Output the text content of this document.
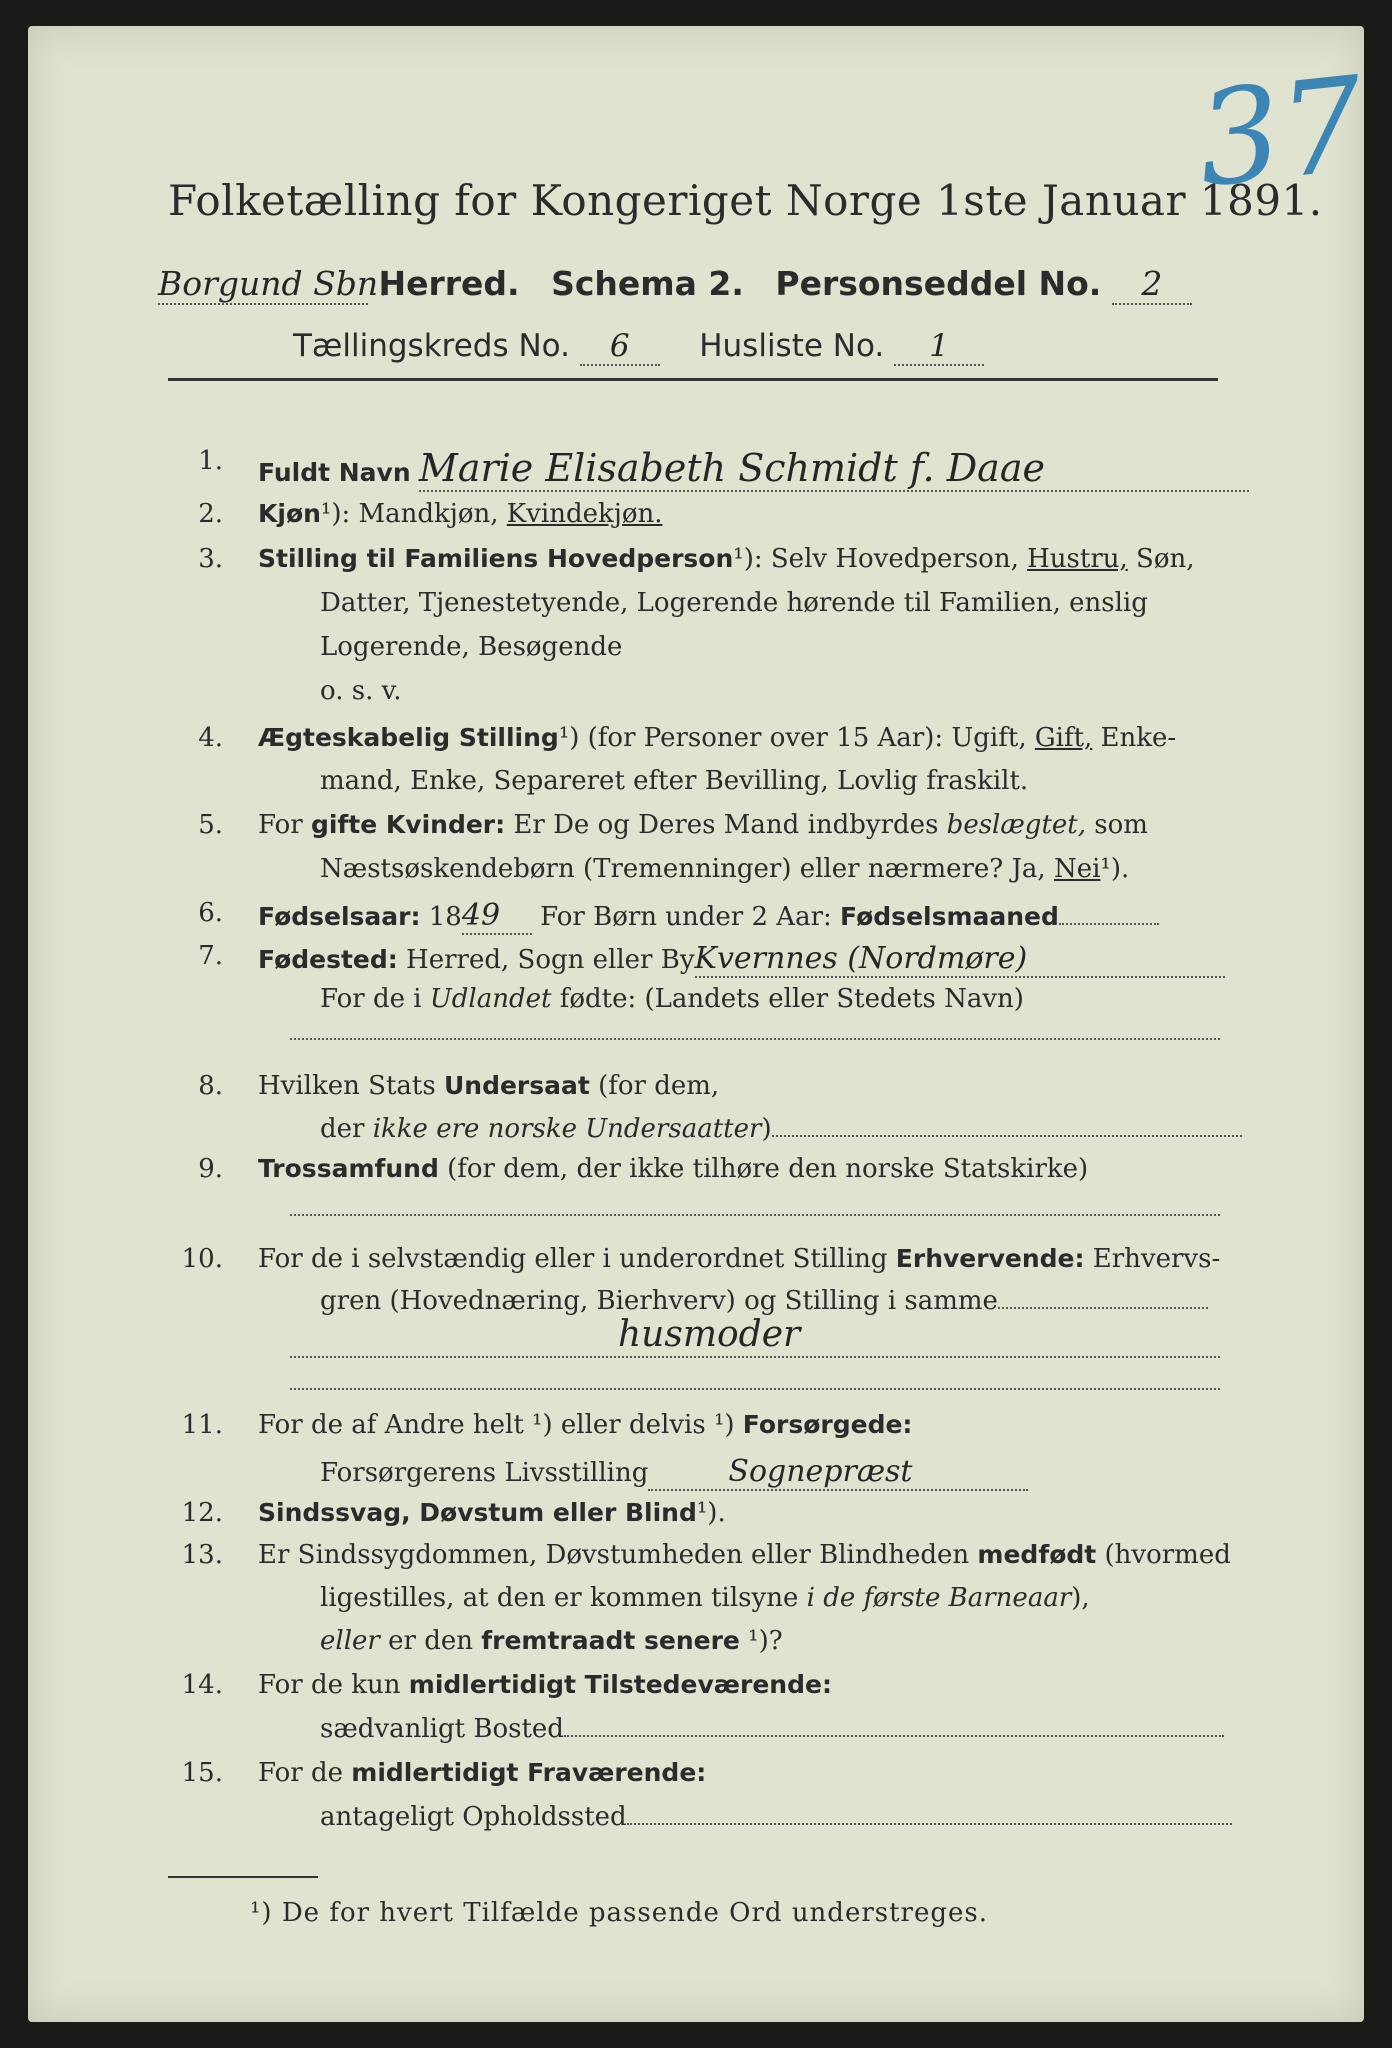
37
Folketælling for Kongeriget Norge 1ste Januar 1891.
Borgund Sbn. Herred. Schema 2. Personseddel No. 2
Tællingskreds No. 6 Husliste No. 1
1. Fuldt Navn Marie Elisabeth Schmidt f. Daae
2. Kjøn¹): Mandkjøn, Kvindekjøn.
3. Stilling til Familiens Hovedperson¹): Selv Hovedperson, Hustru, Søn,
Datter, Tjenestetyende, Logerende hørende til Familien, enslig
Logerende, Besøgende
o. s. v.
4. Ægteskabelig Stilling¹) (for Personer over 15 Aar): Ugift, Gift, Enke-
mand, Enke, Separeret efter Bevilling, Lovlig fraskilt.
5. For gifte Kvinder: Er De og Deres Mand indbyrdes beslægtet, som
Næstsøskendebørn (Tremenninger) eller nærmere? Ja, Nei¹).
6. Fødselsaar: 1849 For Børn under 2 Aar: Fødselsmaaned
7. Fødested: Herred, Sogn eller ByKvernnes (Nordmøre)
For de i Udlandet fødte: (Landets eller Stedets Navn)
8. Hvilken Stats Undersaat (for dem,
der ikke ere norske Undersaatter)
9. Trossamfund (for dem, der ikke tilhøre den norske Statskirke)
10. For de i selvstændig eller i underordnet Stilling Erhvervende: Erhvervs-
gren (Hovednæring, Bierhverv) og Stilling i samme
husmoder
11. For de af Andre helt ¹) eller delvis ¹) Forsørgede:
Forsørgerens Livsstilling	Sognepræst
12. Sindssvag, Døvstum eller Blind¹).
13. Er Sindssygdommen, Døvstumheden eller Blindheden medfødt (hvormed
ligestilles, at den er kommen tilsyne i de første Barneaar),
eller er den fremtraadt senere ¹)?
14. For de kun midlertidigt Tilstedeværende:
sædvanligt Bosted
15. For de midlertidigt Fraværende:
antageligt Opholdssted
¹) De for hvert Tilfælde passende Ord understreges.
